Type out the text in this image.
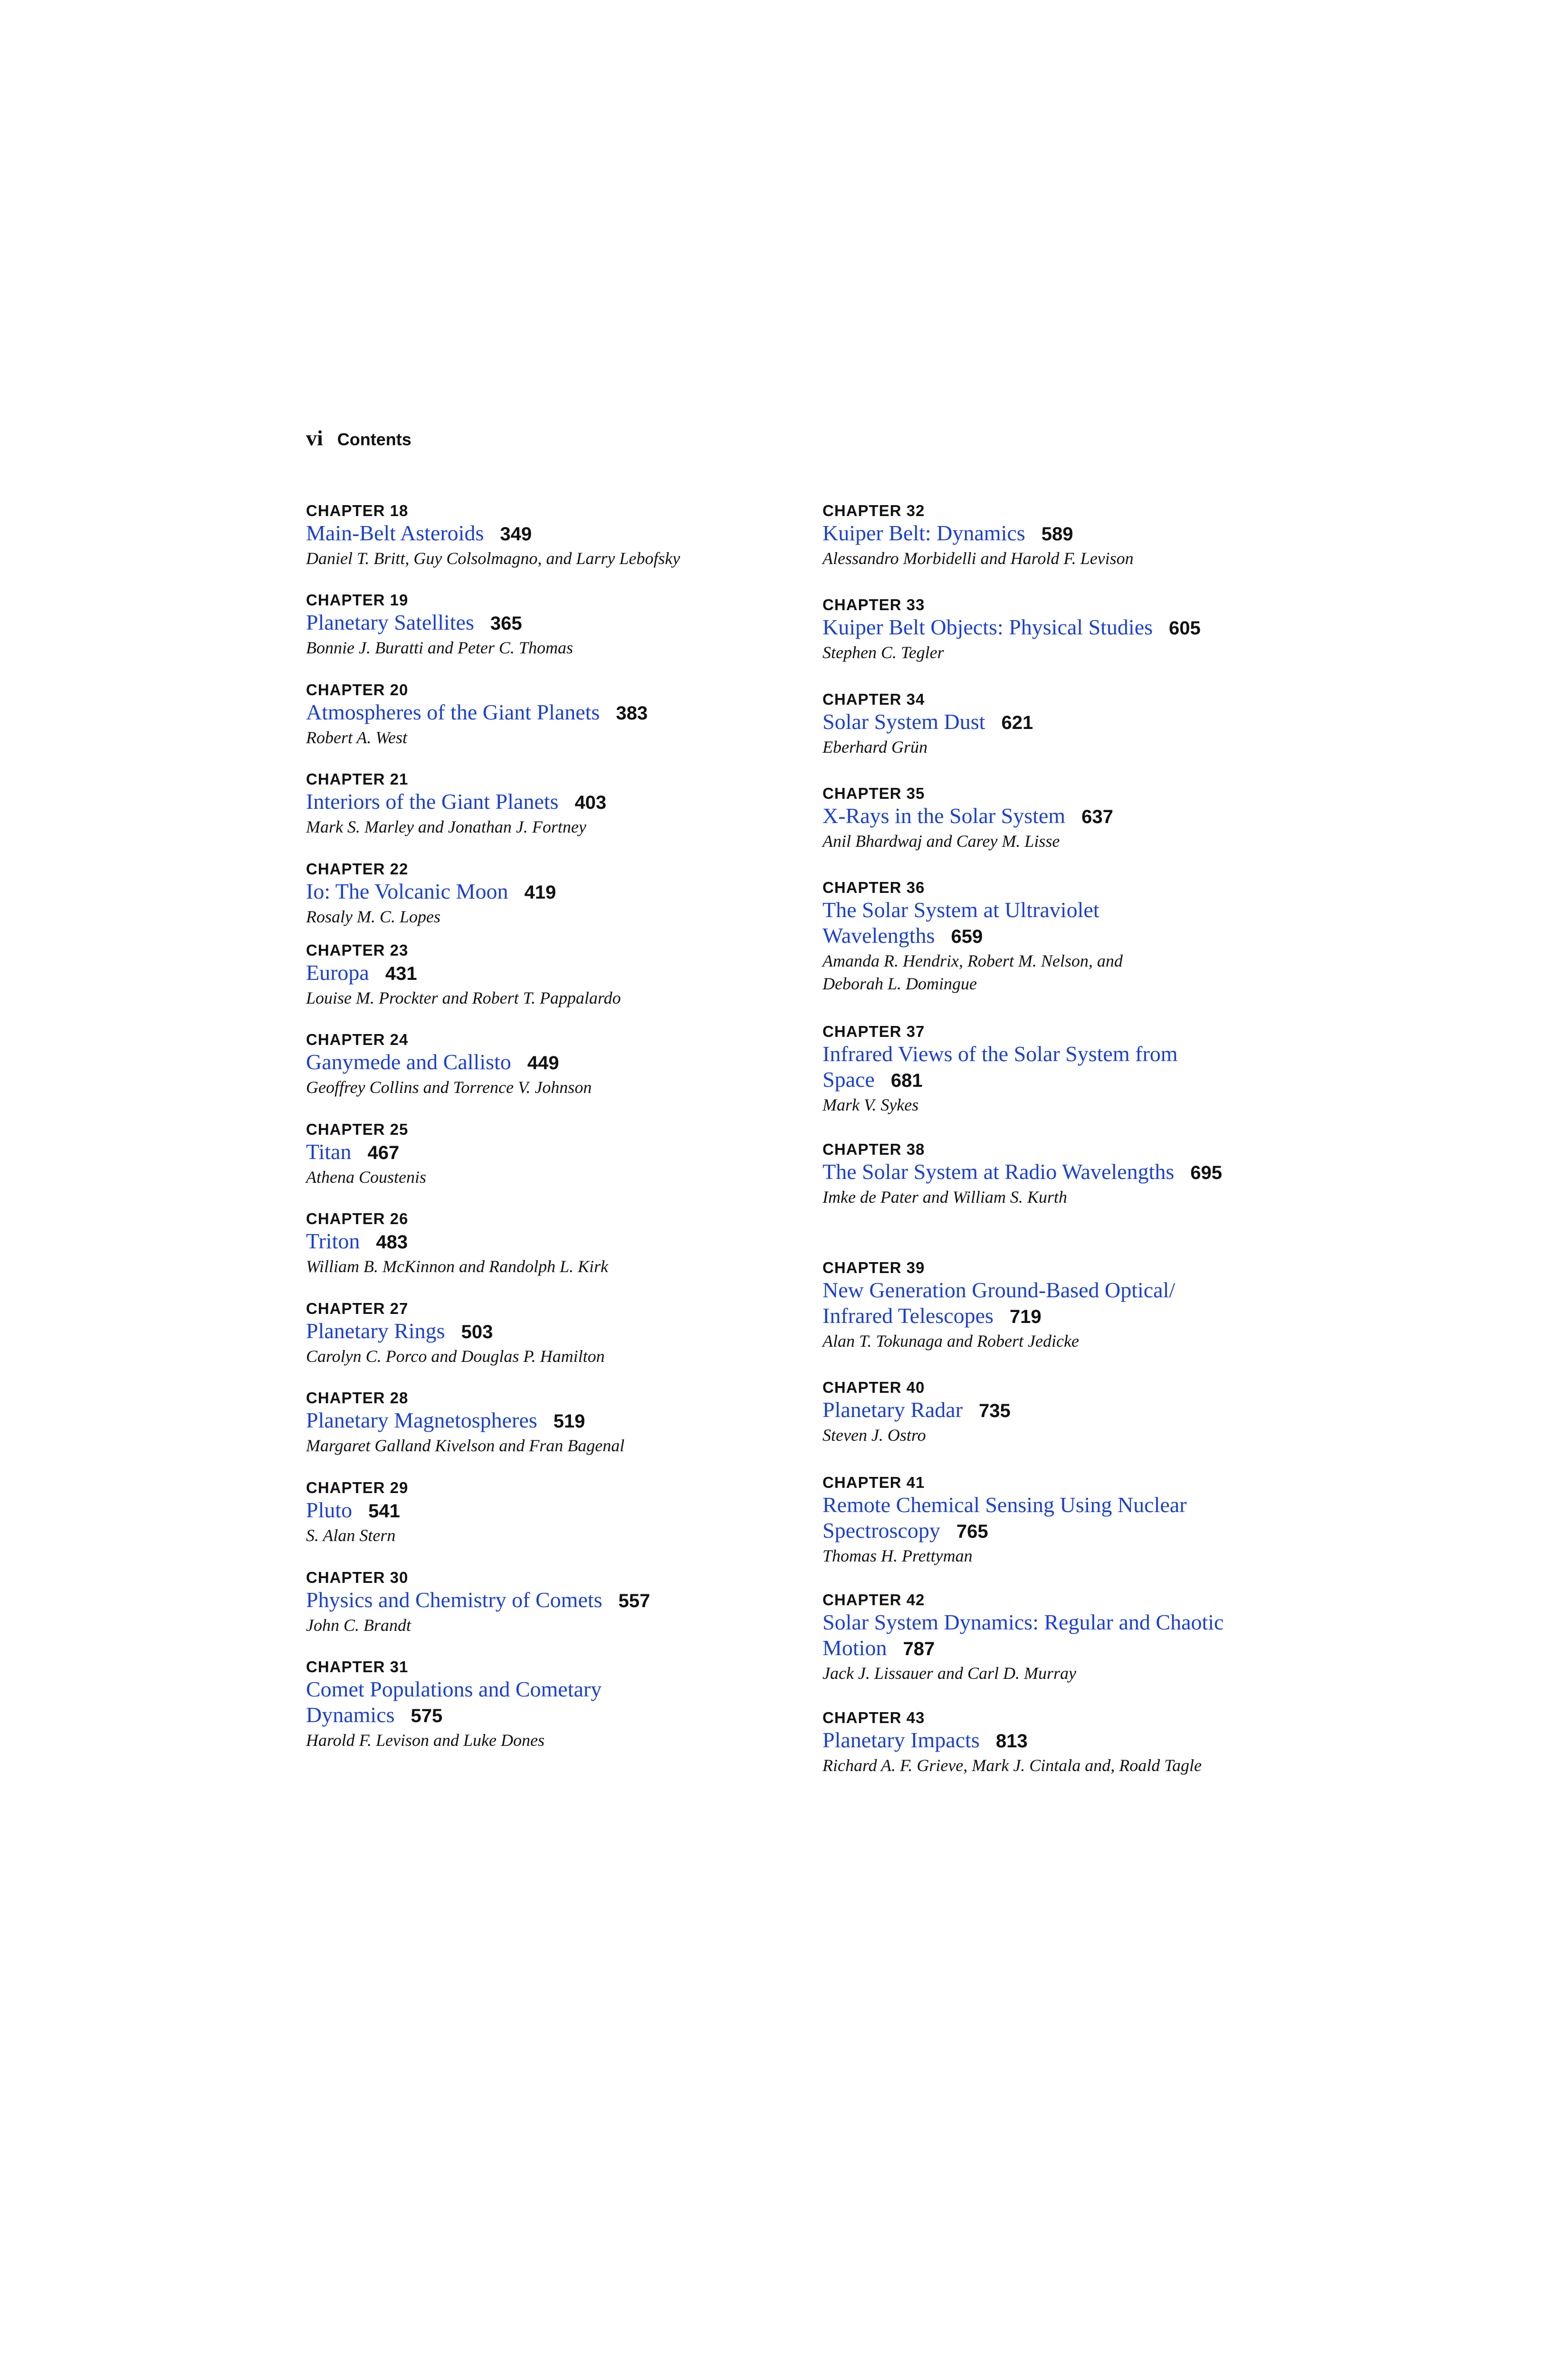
vi Contents
CHAPTER 18
Main-Belt Asteroids 349
Daniel T. Britt, Guy Colsolmagno, and Larry Lebofsky
CHAPTER 19
Planetary Satellites 365
Bonnie J. Buratti and Peter C. Thomas
CHAPTER 20
Atmospheres of the Giant Planets 383
Robert A. West
CHAPTER 21
Interiors of the Giant Planets 403
Mark S. Marley and Jonathan J. Fortney
CHAPTER 22
Io: The Volcanic Moon 419
Rosaly M. C. Lopes
CHAPTER 23
Europa 431
Louise M. Prockter and Robert T. Pappalardo
CHAPTER 24
Ganymede and Callisto 449
Geoffrey Collins and Torrence V. Johnson
CHAPTER 25
Titan 467
Athena Coustenis
CHAPTER 26
Triton 483
William B. McKinnon and Randolph L. Kirk
CHAPTER 27
Planetary Rings 503
Carolyn C. Porco and Douglas P. Hamilton
CHAPTER 28
Planetary Magnetospheres 519
Margaret Galland Kivelson and Fran Bagenal
CHAPTER 29
Pluto 541
S. Alan Stern
CHAPTER 30
Physics and Chemistry of Comets 557
John C. Brandt
CHAPTER 31
Comet Populations and Cometary
Dynamics 575
Harold F. Levison and Luke Dones
CHAPTER 32
Kuiper Belt: Dynamics 589
Alessandro Morbidelli and Harold F. Levison
CHAPTER 33
Kuiper Belt Objects: Physical Studies 605
Stephen C. Tegler
CHAPTER 34
Solar System Dust 621
Eberhard Grün
CHAPTER 35
X-Rays in the Solar System 637
Anil Bhardwaj and Carey M. Lisse
CHAPTER 36
The Solar System at Ultraviolet
Wavelengths 659
Amanda R. Hendrix, Robert M. Nelson, and
Deborah L. Domingue
CHAPTER 37
Infrared Views of the Solar System from
Space 681
Mark V. Sykes
CHAPTER 38
The Solar System at Radio Wavelengths 695
Imke de Pater and William S. Kurth
CHAPTER 39
New Generation Ground-Based Optical/
Infrared Telescopes 719
Alan T. Tokunaga and Robert Jedicke
CHAPTER 40
Planetary Radar 735
Steven J. Ostro
CHAPTER 41
Remote Chemical Sensing Using Nuclear
Spectroscopy 765
Thomas H. Prettyman
CHAPTER 42
Solar System Dynamics: Regular and Chaotic
Motion 787
Jack J. Lissauer and Carl D. Murray
CHAPTER 43
Planetary Impacts 813
Richard A. F. Grieve, Mark J. Cintala and, Roald Tagle
